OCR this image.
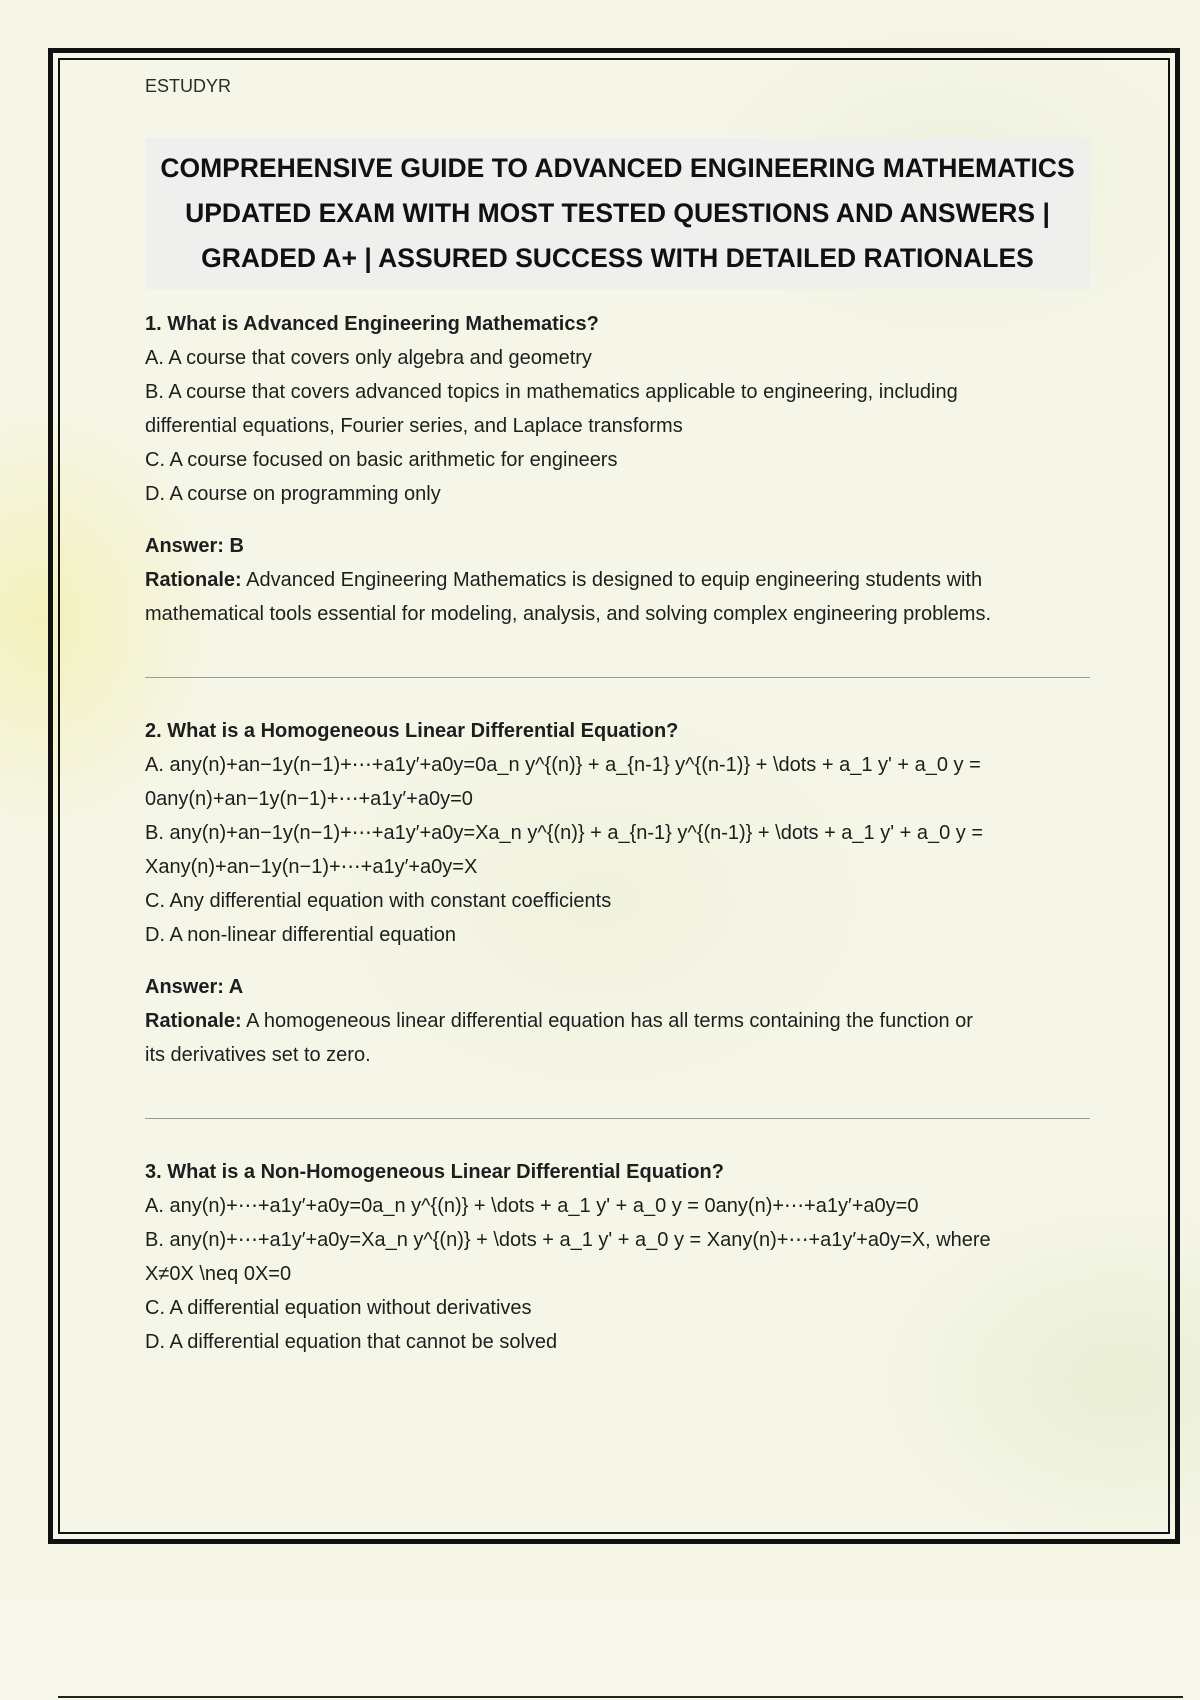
ESTUDYR
COMPREHENSIVE GUIDE TO ADVANCED ENGINEERING MATHEMATICS
UPDATED EXAM WITH MOST TESTED QUESTIONS AND ANSWERS |
GRADED A+ | ASSURED SUCCESS WITH DETAILED RATIONALES

1. What is Advanced Engineering Mathematics?

A. A course that covers only algebra and geometry

B. A course that covers advanced topics in mathematics applicable to engineering, including

differential equations, Fourier series, and Laplace transforms

C. A course focused on basic arithmetic for engineers

D. A course on programming only

Answer: B

Rationale: Advanced Engineering Mathematics is designed to equip engineering students with

mathematical tools essential for modeling, analysis, and solving complex engineering problems.

2. What is a Homogeneous Linear Differential Equation?

A. any(n)+an−1y(n−1)+⋯+a1y′+a0y=0a_n y^{(n)} + a_{n-1} y^{(n-1)} + \dots + a_1 y' + a_0 y =

0any(n)+an−1y(n−1)+⋯+a1y′+a0y=0

B. any(n)+an−1y(n−1)+⋯+a1y′+a0y=Xa_n y^{(n)} + a_{n-1} y^{(n-1)} + \dots + a_1 y' + a_0 y =

Xany(n)+an−1y(n−1)+⋯+a1y′+a0y=X

C. Any differential equation with constant coefficients

D. A non-linear differential equation

Answer: A

Rationale: A homogeneous linear differential equation has all terms containing the function or

its derivatives set to zero.

3. What is a Non-Homogeneous Linear Differential Equation?

A. any(n)+⋯+a1y′+a0y=0a_n y^{(n)} + \dots + a_1 y' + a_0 y = 0any(n)+⋯+a1y′+a0y=0

B. any(n)+⋯+a1y′+a0y=Xa_n y^{(n)} + \dots + a_1 y' + a_0 y = Xany(n)+⋯+a1y′+a0y=X, where

X≠0X \neq 0X=0

C. A differential equation without derivatives

D. A differential equation that cannot be solved
